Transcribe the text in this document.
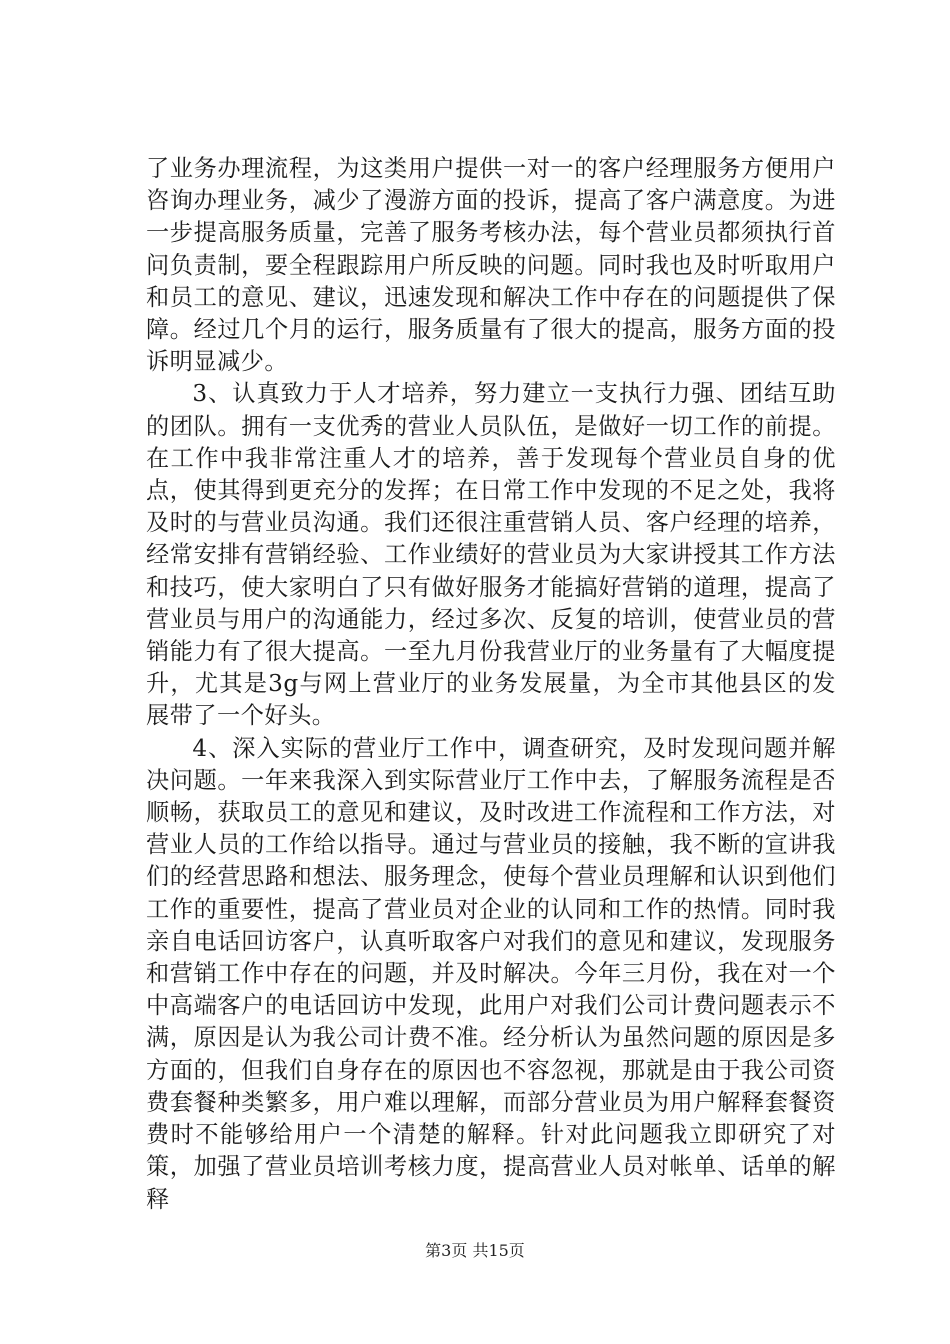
了业务办理流程，为这类用户提供一对一的客户经理服务方便用户咨询办理业务，减少了漫游方面的投诉，提高了客户满意度。为进一步提高服务质量，完善了服务考核办法，每个营业员都须执行首问负责制，要全程跟踪用户所反映的问题。同时我也及时听取用户和员工的意见、建议，迅速发现和解决工作中存在的问题提供了保障。经过几个月的运行，服务质量有了很大的提高，服务方面的投诉明显减少。

3、认真致力于人才培养，努力建立一支执行力强、团结互助的团队。拥有一支优秀的营业人员队伍，是做好一切工作的前提。在工作中我非常注重人才的培养，善于发现每个营业员自身的优点，使其得到更充分的发挥；在日常工作中发现的不足之处，我将及时的与营业员沟通。我们还很注重营销人员、客户经理的培养，经常安排有营销经验、工作业绩好的营业员为大家讲授其工作方法和技巧，使大家明白了只有做好服务才能搞好营销的道理，提高了营业员与用户的沟通能力，经过多次、反复的培训，使营业员的营销能力有了很大提高。一至九月份我营业厅的业务量有了大幅度提升，尤其是3g与网上营业厅的业务发展量，为全市其他县区的发展带了一个好头。

4、深入实际的营业厅工作中，调查研究，及时发现问题并解决问题。一年来我深入到实际营业厅工作中去，了解服务流程是否顺畅，获取员工的意见和建议，及时改进工作流程和工作方法，对营业人员的工作给以指导。通过与营业员的接触，我不断的宣讲我们的经营思路和想法、服务理念，使每个营业员理解和认识到他们工作的重要性，提高了营业员对企业的认同和工作的热情。同时我亲自电话回访客户，认真听取客户对我们的意见和建议，发现服务和营销工作中存在的问题，并及时解决。今年三月份，我在对一个中高端客户的电话回访中发现，此用户对我们公司计费问题表示不满，原因是认为我公司计费不准。经分析认为虽然问题的原因是多方面的，但我们自身存在的原因也不容忽视，那就是由于我公司资费套餐种类繁多，用户难以理解，而部分营业员为用户解释套餐资费时不能够给用户一个清楚的解释。针对此问题我立即研究了对策，加强了营业员培训考核力度，提高营业人员对帐单、话单的解释

第3页 共15页
